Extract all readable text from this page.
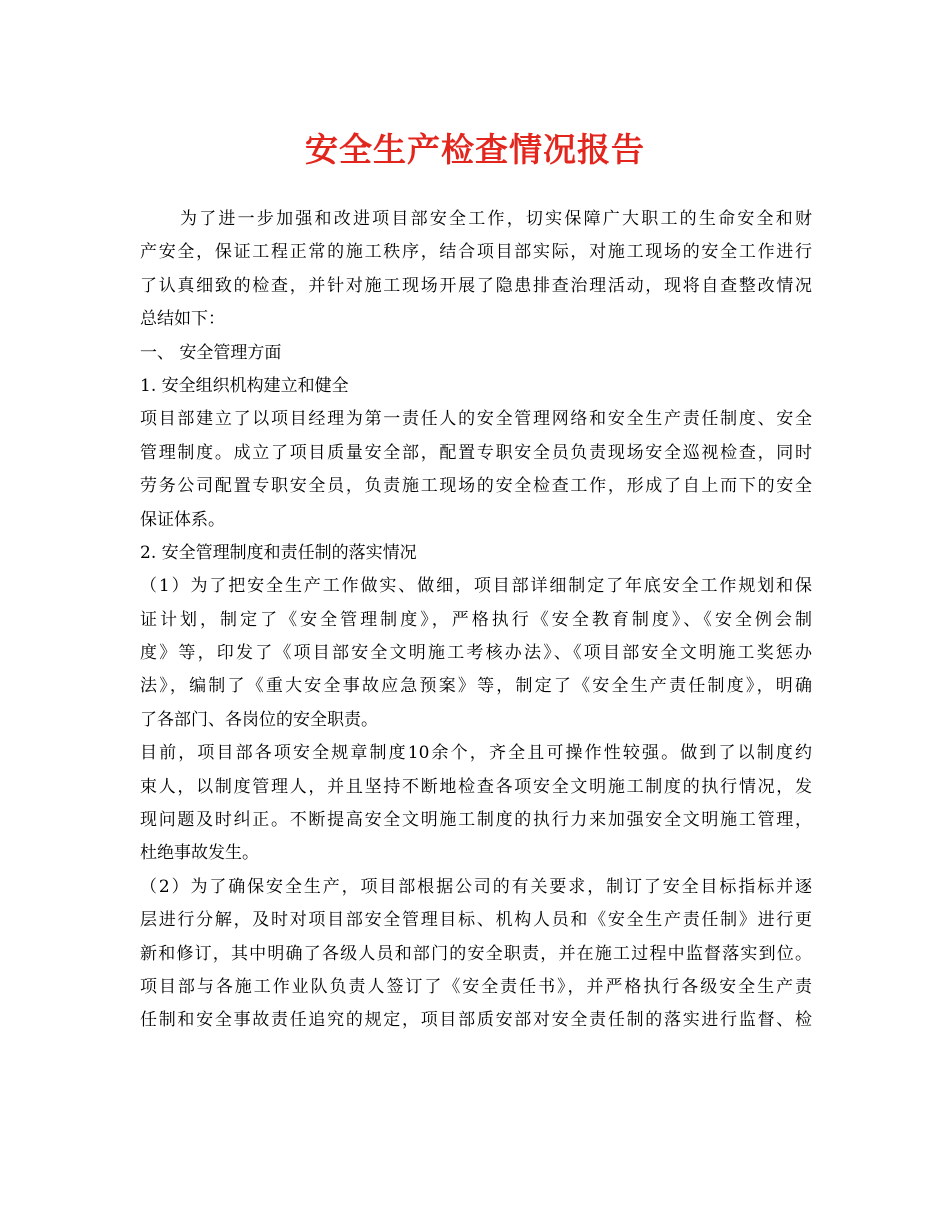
安全生产检查情况报告
为了进一步加强和改进项目部安全工作，切实保障广大职工的生命安全和财
产安全，保证工程正常的施工秩序，结合项目部实际，对施工现场的安全工作进行
了认真细致的检查，并针对施工现场开展了隐患排查治理活动，现将自查整改情况
总结如下：
一、 安全管理方面
1. 安全组织机构建立和健全
项目部建立了以项目经理为第一责任人的安全管理网络和安全生产责任制度、安全
管理制度。成立了项目质量安全部，配置专职安全员负责现场安全巡视检查，同时
劳务公司配置专职安全员，负责施工现场的安全检查工作，形成了自上而下的安全
保证体系。
2. 安全管理制度和责任制的落实情况
（1）为了把安全生产工作做实、做细，项目部详细制定了年底安全工作规划和保
证计划，制定了《安全管理制度》，严格执行《安全教育制度》、《安全例会制
度》等，印发了《项目部安全文明施工考核办法》、《项目部安全文明施工奖惩办
法》，编制了《重大安全事故应急预案》等，制定了《安全生产责任制度》，明确
了各部门、各岗位的安全职责。
目前，项目部各项安全规章制度10余个，齐全且可操作性较强。做到了以制度约
束人，以制度管理人，并且坚持不断地检查各项安全文明施工制度的执行情况，发
现问题及时纠正。不断提高安全文明施工制度的执行力来加强安全文明施工管理，
杜绝事故发生。
（2）为了确保安全生产，项目部根据公司的有关要求，制订了安全目标指标并逐
层进行分解，及时对项目部安全管理目标、机构人员和《安全生产责任制》进行更
新和修订，其中明确了各级人员和部门的安全职责，并在施工过程中监督落实到位。
项目部与各施工作业队负责人签订了《安全责任书》，并严格执行各级安全生产责
任制和安全事故责任追究的规定，项目部质安部对安全责任制的落实进行监督、检
